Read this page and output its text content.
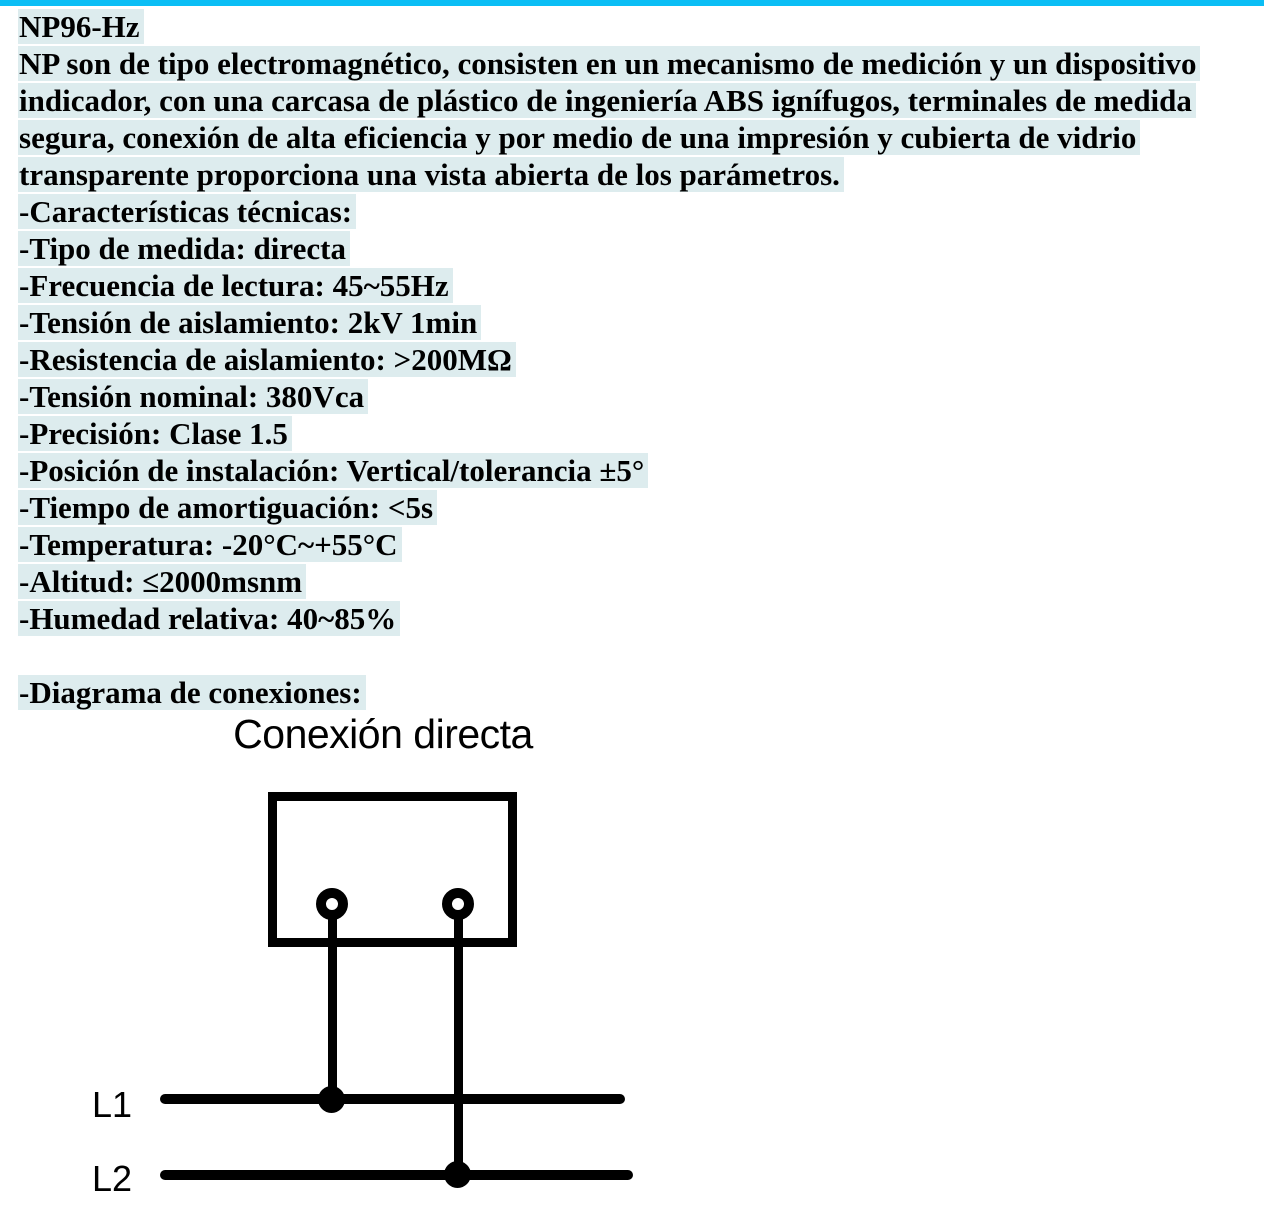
NP96-Hz
NP son de tipo electromagnético, consisten en un mecanismo de medición y un dispositivo
indicador, con una carcasa de plástico de ingeniería ABS ignífugos, terminales de medida
segura, conexión de alta eficiencia y por medio de una impresión y cubierta de vidrio
transparente proporciona una vista abierta de los parámetros.
-Características técnicas:
-Tipo de medida: directa
-Frecuencia de lectura: 45~55Hz
-Tensión de aislamiento: 2kV 1min
-Resistencia de aislamiento: >200MΩ
-Tensión nominal: 380Vca
-Precisión: Clase 1.5
-Posición de instalación: Vertical/tolerancia ±5°
-Tiempo de amortiguación: <5s
-Temperatura: -20°C~+55°C
-Altitud: ≤2000msnm
-Humedad relativa: 40~85%
-Diagrama de conexiones:
Conexión directa
L1
L2
